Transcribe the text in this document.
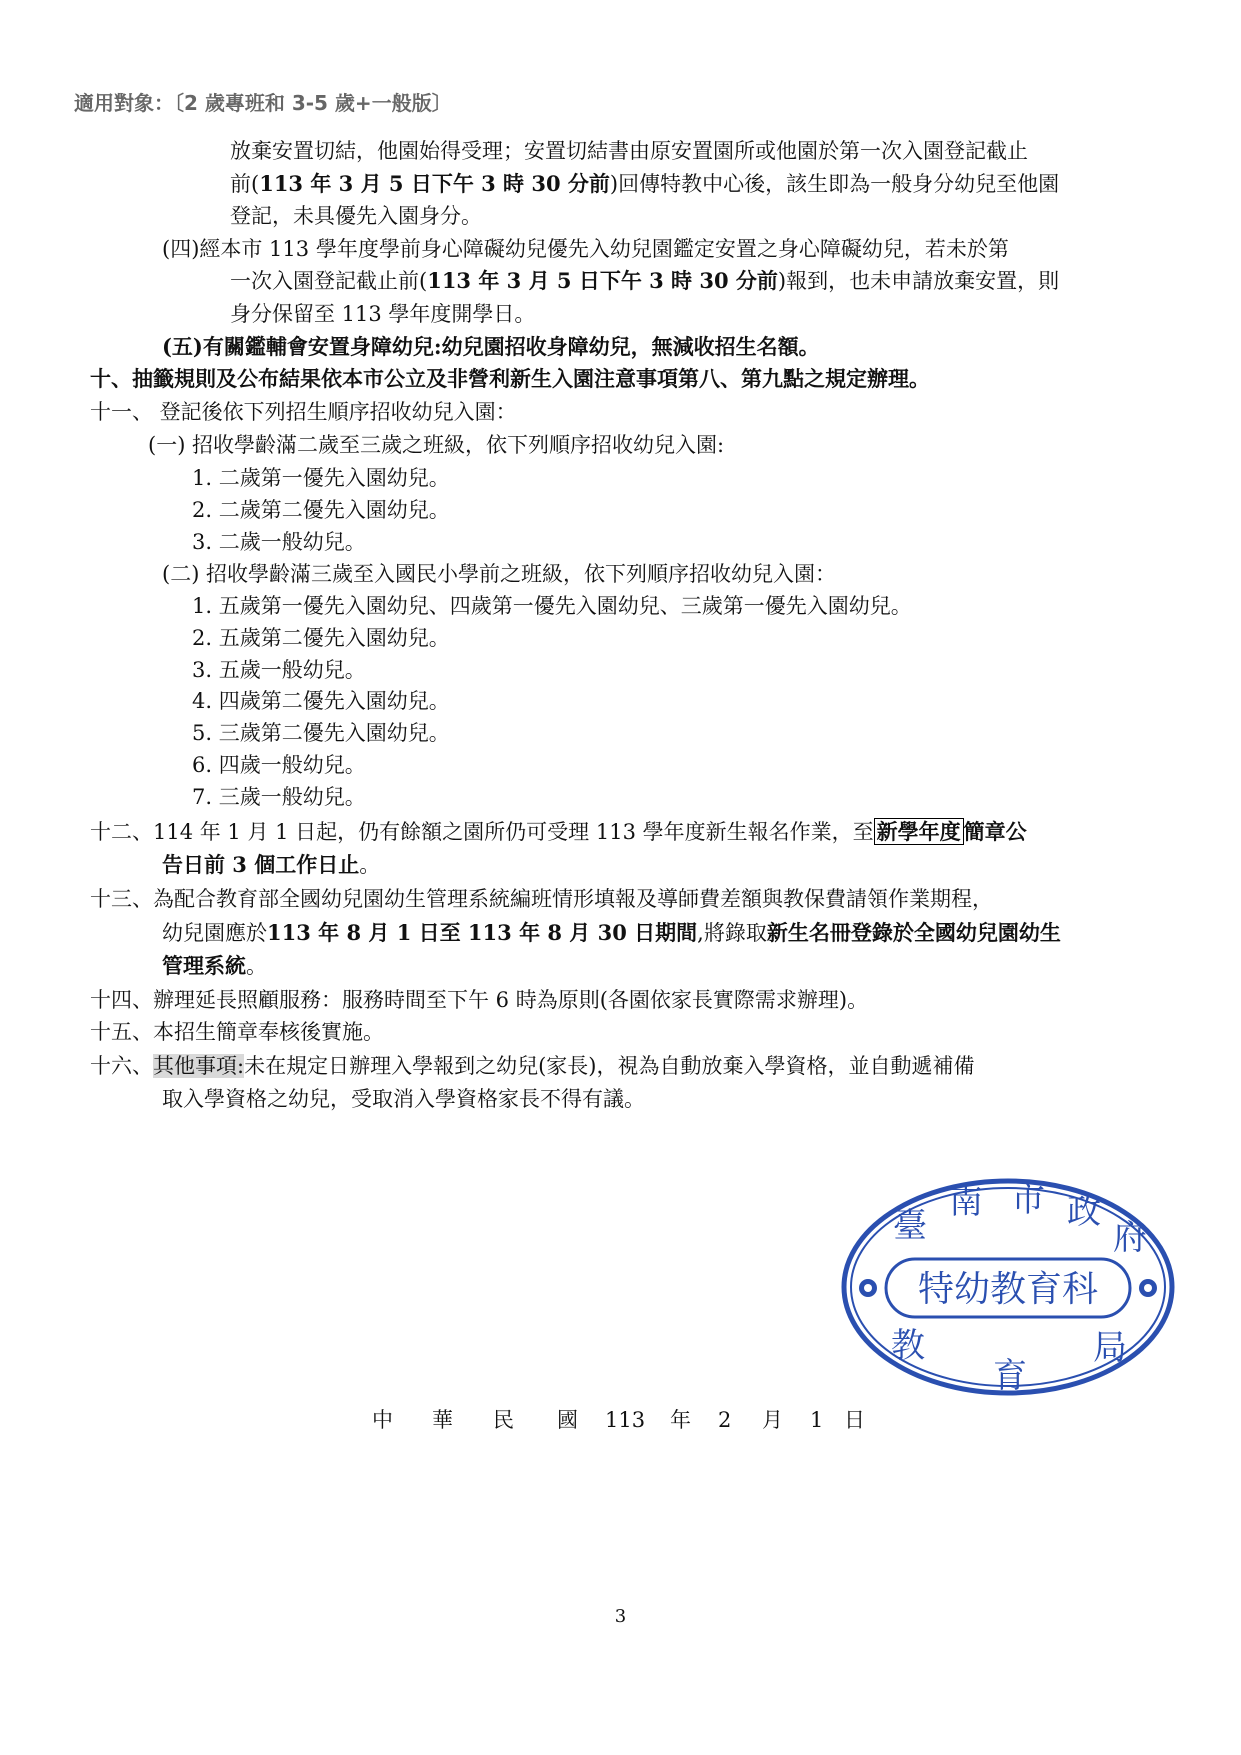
適用對象：〔2 歲專班和 3-5 歲+一般版〕
放棄安置切結，他園始得受理；安置切結書由原安置園所或他園於第一次入園登記截止
前(113 年 3 月 5 日下午 3 時 30 分前)回傳特教中心後，該生即為一般身分幼兒至他園
登記，未具優先入園身分。
(四)經本市 113 學年度學前身心障礙幼兒優先入幼兒園鑑定安置之身心障礙幼兒，若未於第
一次入園登記截止前(113 年 3 月 5 日下午 3 時 30 分前)報到，也未申請放棄安置，則
身分保留至 113 學年度開學日。
(五)有關鑑輔會安置身障幼兒:幼兒園招收身障幼兒，無減收招生名額。
十、抽籤規則及公布結果依本市公立及非營利新生入園注意事項第八、第九點之規定辦理。
十一、 登記後依下列招生順序招收幼兒入園：
(一) 招收學齡滿二歲至三歲之班級，依下列順序招收幼兒入園:
1. 二歲第一優先入園幼兒。
2. 二歲第二優先入園幼兒。
3. 二歲一般幼兒。
(二) 招收學齡滿三歲至入國民小學前之班級，依下列順序招收幼兒入園：
1. 五歲第一優先入園幼兒、四歲第一優先入園幼兒、三歲第一優先入園幼兒。
2. 五歲第二優先入園幼兒。
3. 五歲一般幼兒。
4. 四歲第二優先入園幼兒。
5. 三歲第二優先入園幼兒。
6. 四歲一般幼兒。
7. 三歲一般幼兒。
十二、114 年 1 月 1 日起，仍有餘額之園所仍可受理 113 學年度新生報名作業，至 新學年度 簡章公
告日前 3 個工作日止。
十三、為配合教育部全國幼兒園幼生管理系統編班情形填報及導師費差額與教保費請領作業期程，
幼兒園應於113 年 8 月 1 日至 113 年 8 月 30 日期間,將錄取新生名冊登錄於全國幼兒園幼生
管理系統。
十四、辦理延長照顧服務：服務時間至下午 6 時為原則(各園依家長實際需求辦理)。
十五、本招生簡章奉核後實施。
十六、其他事項:未在規定日辦理入學報到之幼兒(家長)，視為自動放棄入學資格，並自動遞補備
取入學資格之幼兒，受取消入學資格家長不得有議。
特幼教育科
臺
南 市 政
府
教
育
局
中 華 民 國 113 年 2 月 1 日
3
